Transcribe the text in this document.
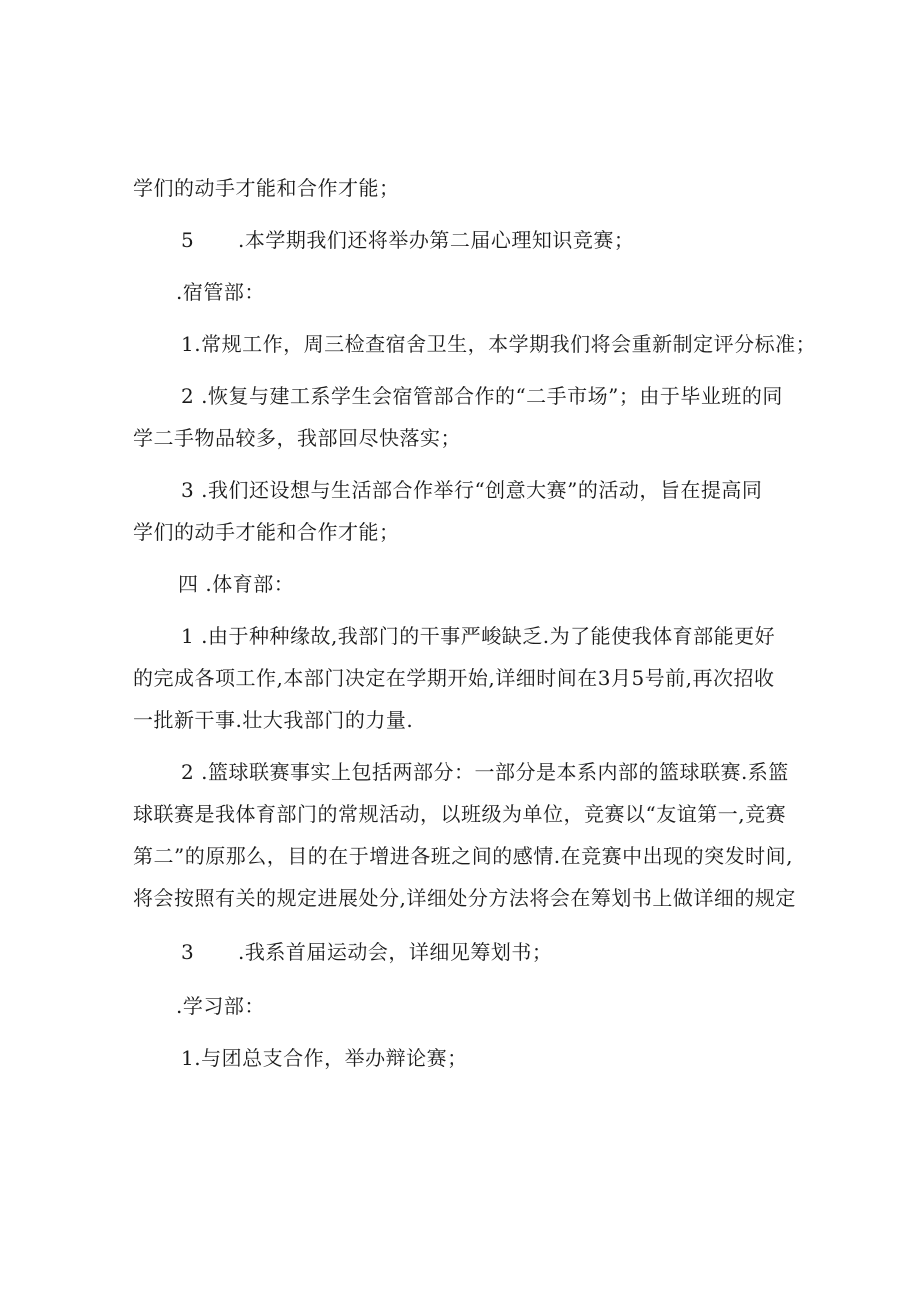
学们的动手才能和合作才能；
5 .本学期我们还将举办第二届心理知识竞赛；
.宿管部：
1.常规工作，周三检查宿舍卫生，本学期我们将会重新制定评分标准；
2 .恢复与建工系学生会宿管部合作的“二手市场”；由于毕业班的同
学二手物品较多，我部回尽快落实；
3 .我们还设想与生活部合作举行“创意大赛”的活动，旨在提高同
学们的动手才能和合作才能；
四 .体育部：
1 .由于种种缘故,我部门的干事严峻缺乏.为了能使我体育部能更好
的完成各项工作,本部门决定在学期开始,详细时间在3月5号前,再次招收
一批新干事.壮大我部门的力量.
2 .篮球联赛事实上包括两部分：一部分是本系内部的篮球联赛.系篮
球联赛是我体育部门的常规活动，以班级为单位，竞赛以“友谊第一,竞赛
第二”的原那么，目的在于增进各班之间的感情.在竞赛中出现的突发时间,
将会按照有关的规定进展处分,详细处分方法将会在筹划书上做详细的规定
3 .我系首届运动会，详细见筹划书；
.学习部：
1.与团总支合作，举办辩论赛；
